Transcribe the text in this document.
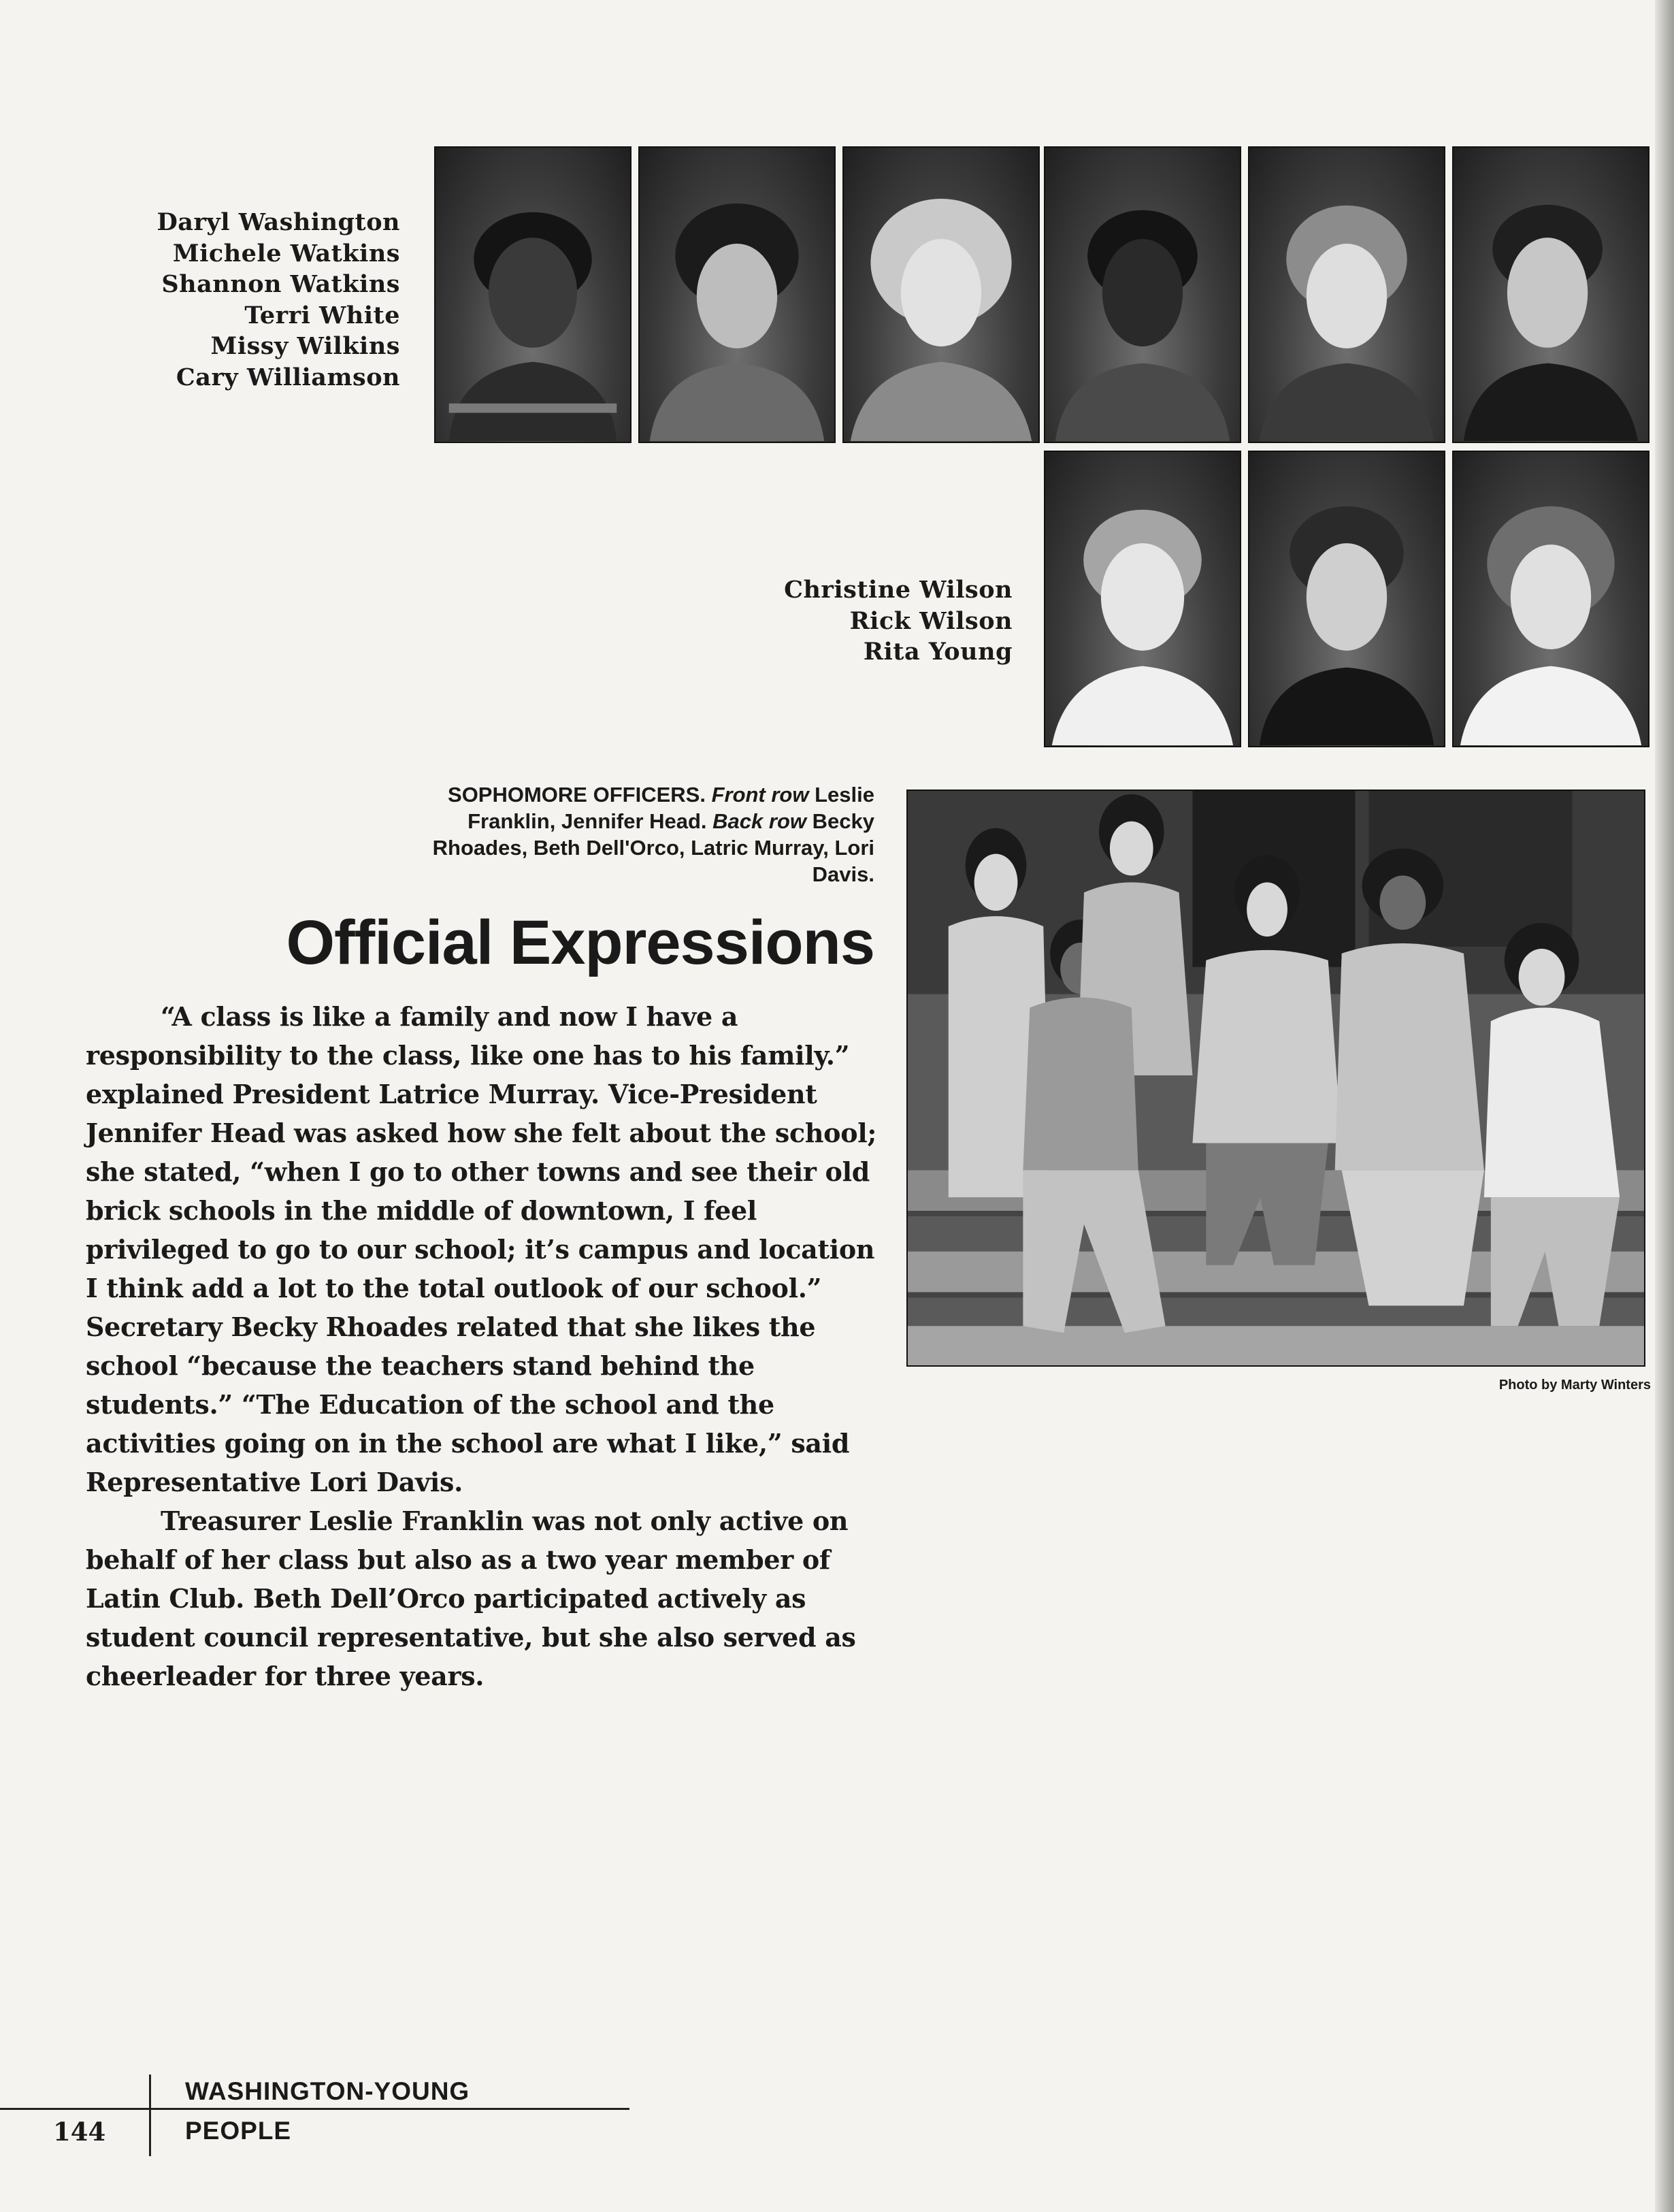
Daryl Washington
Michele Watkins
Shannon Watkins
Terri White
Missy Wilkins
Cary Williamson
Christine Wilson
Rick Wilson
Rita Young
SOPHOMORE OFFICERS. Front row Leslie Franklin, Jennifer Head. Back row Becky Rhoades, Beth Dell'Orco, Latric Murray, Lori Davis.
Official Expressions

“A class is like a family and now I have a responsibility to the class, like one has to his family.” explained President Latrice Murray. Vice-President Jennifer Head was asked how she felt about the school; she stated, “when I go to other towns and see their old brick schools in the middle of downtown, I feel privileged to go to our school; it’s campus and location I think add a lot to the total outlook of our school.” Secretary Becky Rhoades related that she likes the school “because the teachers stand behind the students.” “The Education of the school and the activities going on in the school are what I like,” said Representative Lori Davis.

Treasurer Leslie Franklin was not only active on behalf of her class but also as a two year member of Latin Club. Beth Dell’Orco participated actively as student council representative, but she also served as cheerleader for three years.

Photo by Marty Winters
144
WASHINGTON-YOUNG
PEOPLE
